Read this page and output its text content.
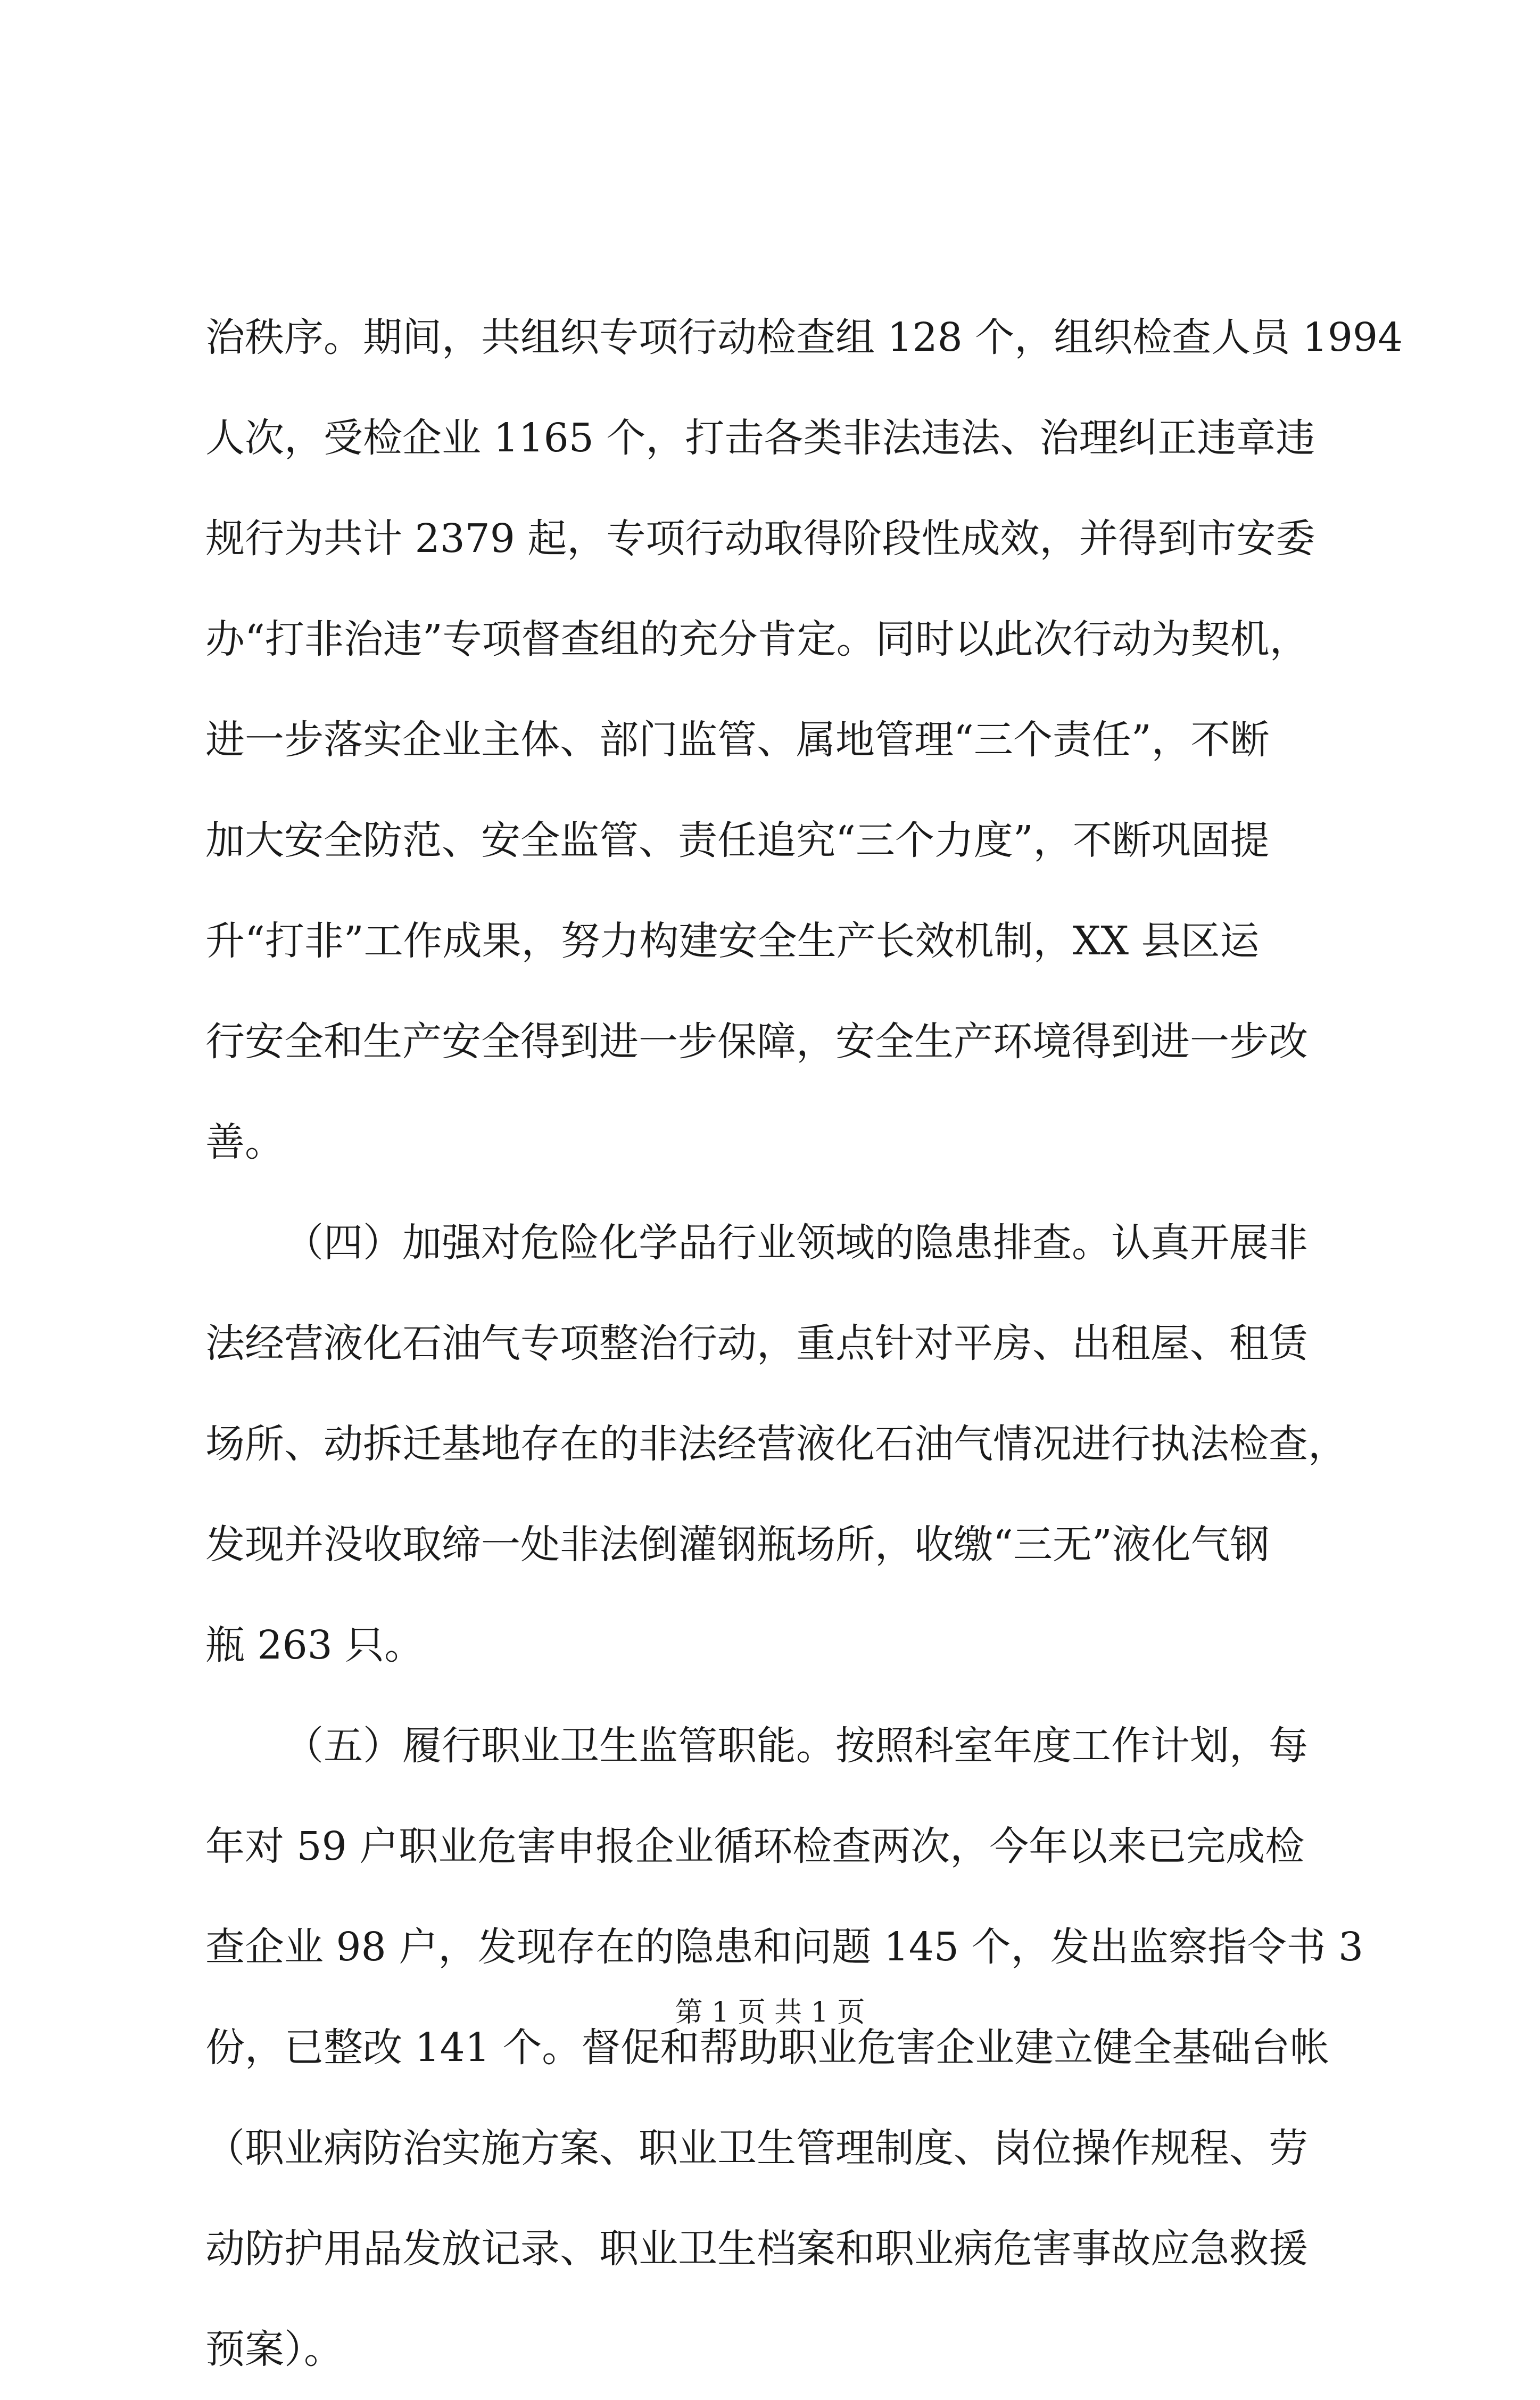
治秩序。期间，共组织专项行动检查组 128 个，组织检查人员 1994
人次，受检企业 1165 个，打击各类非法违法、治理纠正违章违
规行为共计 2379 起，专项行动取得阶段性成效，并得到市安委
办“打非治违”专项督查组的充分肯定。同时以此次行动为契机，
进一步落实企业主体、部门监管、属地管理“三个责任”，不断
加大安全防范、安全监管、责任追究“三个力度”，不断巩固提
升“打非”工作成果，努力构建安全生产长效机制，XX 县区运
行安全和生产安全得到进一步保障，安全生产环境得到进一步改
善。
（四）加强对危险化学品行业领域的隐患排查。认真开展非
法经营液化石油气专项整治行动，重点针对平房、出租屋、租赁
场所、动拆迁基地存在的非法经营液化石油气情况进行执法检查，
发现并没收取缔一处非法倒灌钢瓶场所，收缴“三无”液化气钢
瓶 263 只。
（五）履行职业卫生监管职能。按照科室年度工作计划，每
年对 59 户职业危害申报企业循环检查两次，今年以来已完成检
查企业 98 户，发现存在的隐患和问题 145 个，发出监察指令书 3
份，已整改 141 个。督促和帮助职业危害企业建立健全基础台帐
（职业病防治实施方案、职业卫生管理制度、岗位操作规程、劳
动防护用品发放记录、职业卫生档案和职业病危害事故应急救援
预案）。
第 1 页 共 1 页
